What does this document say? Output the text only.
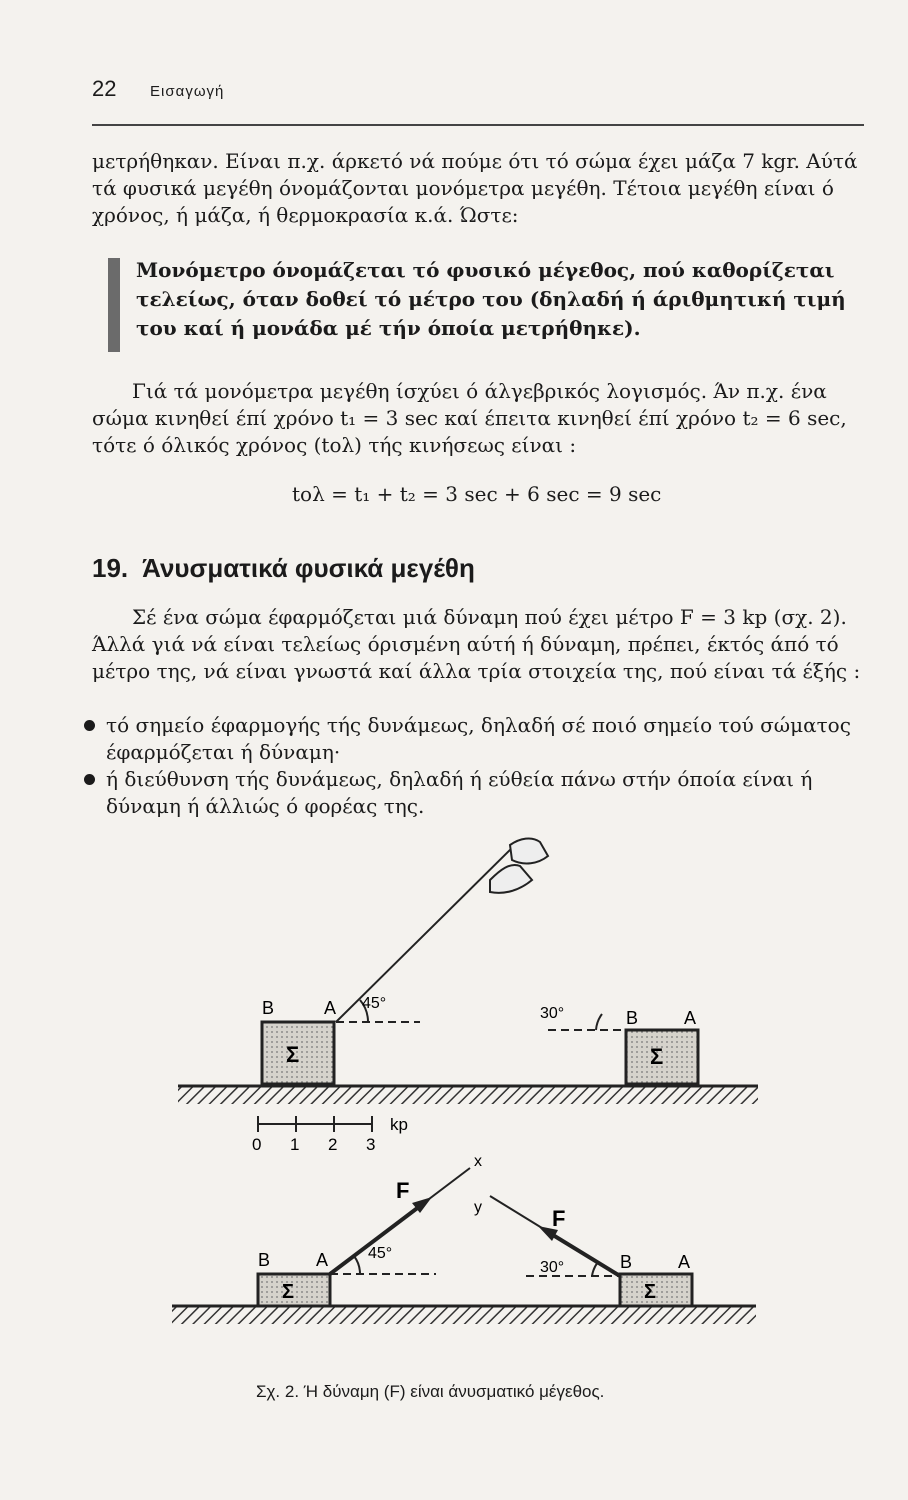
22 Εισαγωγή
μετρήθηκαν. Είναι π.χ. άρκετό νά πούμε ότι τό σώμα έχει μάζα 7 kgr. Αύτά τά φυσικά μεγέθη όνομάζονται μονόμετρα μεγέθη. Τέτοια μεγέθη είναι ό χρόνος, ή μάζα, ή θερμοκρασία κ.ά. Ώστε:
Μονόμετρο όνομάζεται τό φυσικό μέγεθος, πού καθορίζεται τελείως, όταν δοθεί τό μέτρο του (δηλαδή ή άριθμητική τιμή του καί ή μονάδα μέ τήν όποία μετρήθηκε).
Γιά τά μονόμετρα μεγέθη ίσχύει ό άλγεβρικός λογισμός. Άν π.χ. ένα σώμα κινηθεί έπί χρόνο t₁ = 3 sec καί έπειτα κινηθεί έπί χρόνο t₂ = 6 sec, τότε ό όλικός χρόνος (tολ) τής κινήσεως είναι :
tολ = t₁ + t₂ = 3 sec + 6 sec = 9 sec
19. Άνυσματικά φυσικά μεγέθη
Σέ ένα σώμα έφαρμόζεται μιά δύναμη πού έχει μέτρο F = 3 kp (σχ. 2). Άλλά γιά νά είναι τελείως όρισμένη αύτή ή δύναμη, πρέπει, έκτός άπό τό μέτρο της, νά είναι γνωστά καί άλλα τρία στοιχεία της, πού είναι τά έξής :
τό σημείο έφαρμογής τής δυνάμεως, δηλαδή σέ ποιό σημείο τού σώματος έφαρμόζεται ή δύναμη·
ή διεύθυνση τής δυνάμεως, δηλαδή ή εύθεία πάνω στήν όποία είναι ή δύναμη ή άλλιώς ό φορέας της.
Σ
B	A 45°
Σ
B	A
30°
0 1 2 3
kp
Σ
B	A
F
x
45°
Σ
B	A
F
y
30°
Σχ. 2. Ή δύναμη (F) είναι άνυσματικό μέγεθος.
